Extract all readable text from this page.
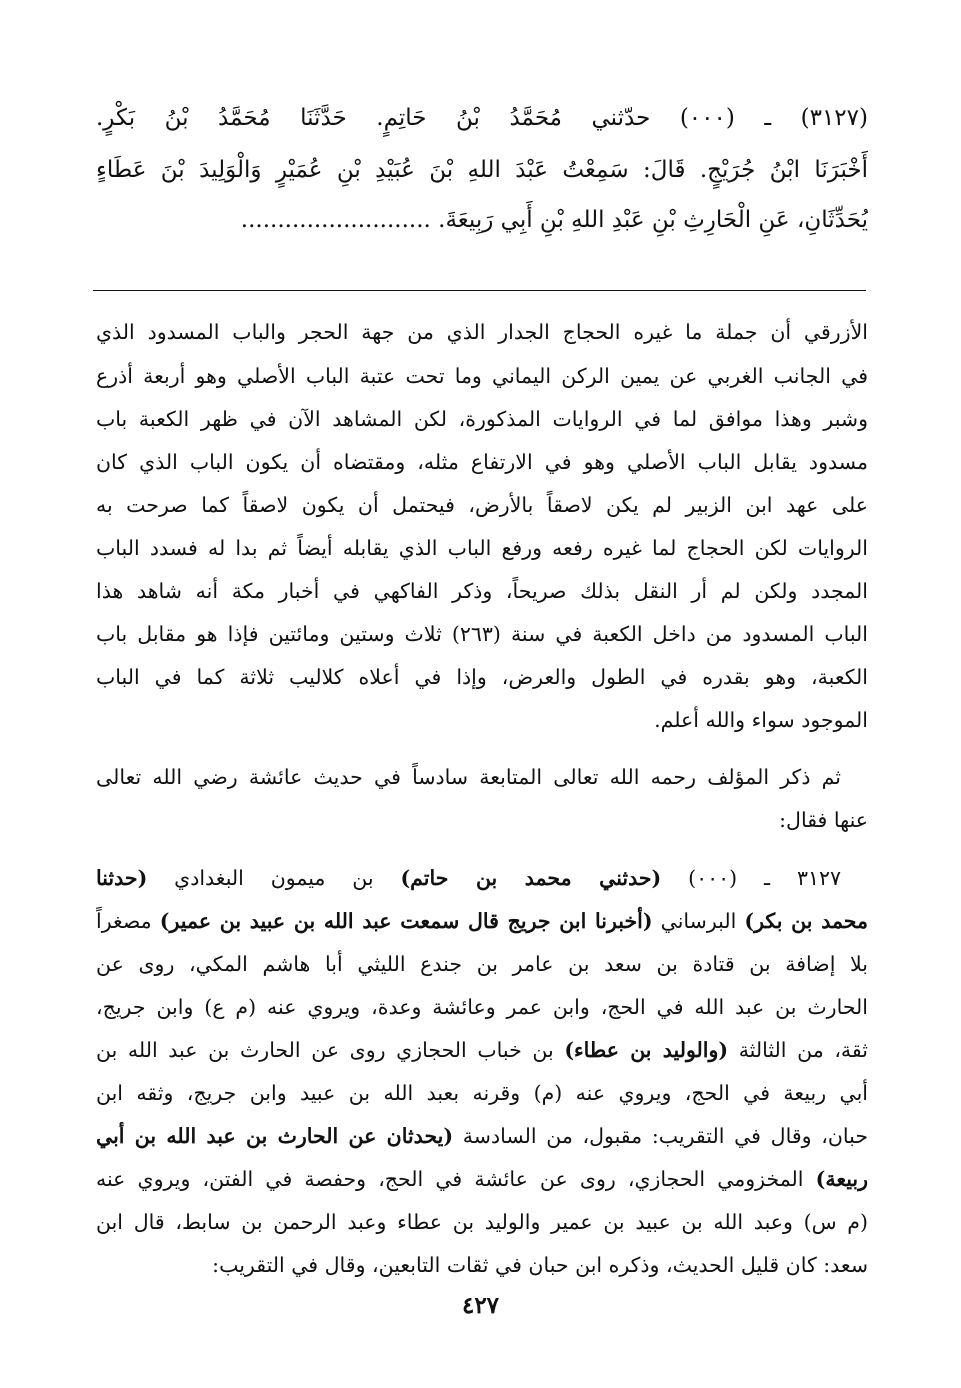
(٣١٢٧) ـ (٠٠٠) حدّثني مُحَمَّدُ بْنُ حَاتِمٍ. حَدَّثَنَا مُحَمَّدُ بْنُ بَكْرٍ.
أَخْبَرَنَا ابْنُ جُرَيْجٍ. قَالَ: سَمِعْتُ عَبْدَ اللهِ بْنَ عُبَيْدِ بْنِ عُمَيْرٍ وَالْوَلِيدَ بْنَ عَطَاءٍ
يُحَدِّثَانِ، عَنِ الْحَارِثِ بْنِ عَبْدِ اللهِ بْنِ أَبِي رَبِيعَةَ. ..........................
الأزرقي أن جملة ما غيره الحجاج الجدار الذي من جهة الحجر والباب المسدود الذي
في الجانب الغربي عن يمين الركن اليماني وما تحت عتبة الباب الأصلي وهو أربعة أذرع
وشبر وهذا موافق لما في الروايات المذكورة، لكن المشاهد الآن في ظهر الكعبة باب
مسدود يقابل الباب الأصلي وهو في الارتفاع مثله، ومقتضاه أن يكون الباب الذي كان
على عهد ابن الزبير لم يكن لاصقاً بالأرض، فيحتمل أن يكون لاصقاً كما صرحت به
الروايات لكن الحجاج لما غيره رفعه ورفع الباب الذي يقابله أيضاً ثم بدا له فسدد الباب
المجدد ولكن لم أر النقل بذلك صريحاً، وذكر الفاكهي في أخبار مكة أنه شاهد هذا
الباب المسدود من داخل الكعبة في سنة (٢٦٣) ثلاث وستين ومائتين فإذا هو مقابل باب
الكعبة، وهو بقدره في الطول والعرض، وإذا في أعلاه كلاليب ثلاثة كما في الباب
الموجود سواء والله أعلم.
ثم ذكر المؤلف رحمه الله تعالى المتابعة سادساً في حديث عائشة رضي الله تعالى
عنها فقال:
٣١٢٧ ـ (٠٠٠) (حدثني محمد بن حاتم) بن ميمون البغدادي (حدثنا
محمد بن بكر) البرساني (أخبرنا ابن جريج قال سمعت عبد الله بن عبيد بن عمير) مصغراً
بلا إضافة بن قتادة بن سعد بن عامر بن جندع الليثي أبا هاشم المكي، روى عن
الحارث بن عبد الله في الحج، وابن عمر وعائشة وعدة، ويروي عنه (م ع) وابن جريج،
ثقة، من الثالثة (والوليد بن عطاء) بن خباب الحجازي روى عن الحارث بن عبد الله بن
أبي ربيعة في الحج، ويروي عنه (م) وقرنه بعبد الله بن عبيد وابن جريج، وثقه ابن
حبان، وقال في التقريب: مقبول، من السادسة (يحدثان عن الحارث بن عبد الله بن أبي
ربيعة) المخزومي الحجازي، روى عن عائشة في الحج، وحفصة في الفتن، ويروي عنه
(م س) وعبد الله بن عبيد بن عمير والوليد بن عطاء وعبد الرحمن بن سابط، قال ابن
سعد: كان قليل الحديث، وذكره ابن حبان في ثقات التابعين، وقال في التقريب:
٤٢٧
